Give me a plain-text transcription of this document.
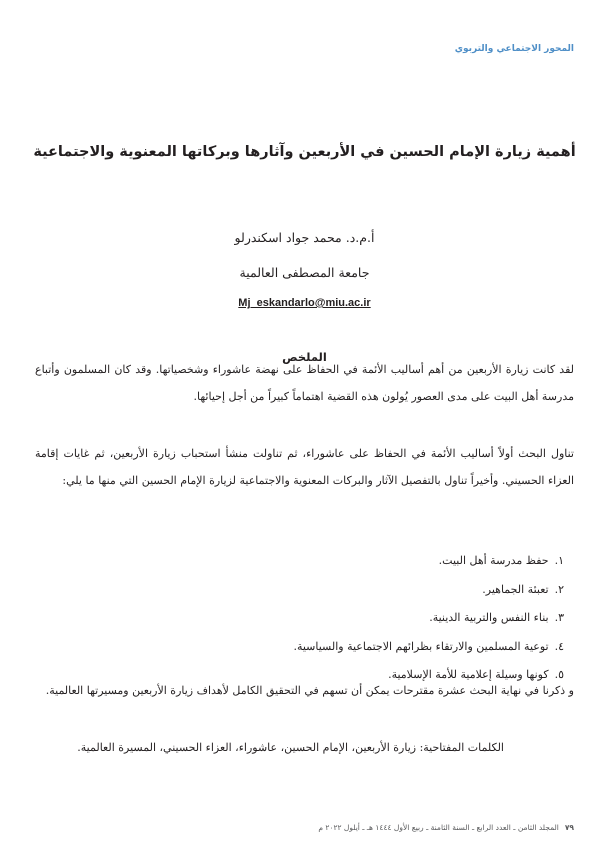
المحور الاجتماعي والتربوي
أهمية زيارة الإمام الحسين في الأربعين وآثارها وبركاتها المعنوية والاجتماعية
أ.م.د. محمد جواد اسكندرلو
جامعة المصطفى العالمية
Mj_eskandarlo@miu.ac.ir
الملخص
لقد كانت زيارة الأربعين من أهم أساليب الأئمة في الحفاظ على نهضة عاشوراء وشخصياتها. وقد كان المسلمون وأتباع مدرسة أهل البيت على مدى العصور يُولون هذه القضية اهتماماً كبيراً من أجل إحيائها.
تناول البحث أولاً أساليب الأئمة في الحفاظ على عاشوراء، ثم تناولت منشأ استحباب زيارة الأربعين، ثم غايات إقامة العزاء الحسيني. وأخيراً تناول بالتفصيل الآثار والبركات المعنوية والاجتماعية لزيارة الإمام الحسين التي منها ما يلي:
١.حفظ مدرسة أهل البيت.
٢.تعبئة الجماهير.
٣.بناء النفس والتربية الدينية.
٤.توعية المسلمين والارتقاء بظرائهم الاجتماعية والسياسية.
٥.كونها وسيلة إعلامية للأمة الإسلامية.
و ذكرنا في نهاية البحث عشرة مقترحات يمكن أن تسهم في التحقيق الكامل لأهداف زيارة الأربعين ومسيرتها العالمية.
الكلمات المفتاحية: زيارة الأربعين، الإمام الحسين، عاشوراء، العزاء الحسيني، المسيرة العالمية.
٧٩المجلد الثامن ـ العدد الرابع ـ السنة الثامنة ـ ربيع الأول ١٤٤٤ هـ ـ أيلول ٢٠٢٢ م
